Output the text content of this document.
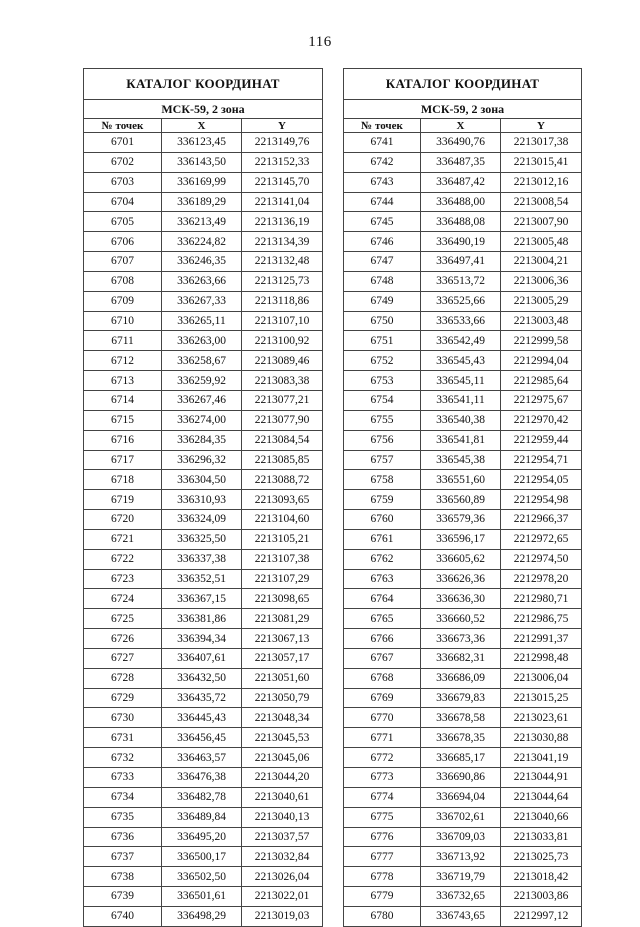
116
КАТАЛОГ КООРДИНАТ		
МСК-59, 2 зона		
№ точек	X	Y
6701	336123,45	2213149,76
6702	336143,50	2213152,33
6703	336169,99	2213145,70
6704	336189,29	2213141,04
6705	336213,49	2213136,19
6706	336224,82	2213134,39
6707	336246,35	2213132,48
6708	336263,66	2213125,73
6709	336267,33	2213118,86
6710	336265,11	2213107,10
6711	336263,00	2213100,92
6712	336258,67	2213089,46
6713	336259,92	2213083,38
6714	336267,46	2213077,21
6715	336274,00	2213077,90
6716	336284,35	2213084,54
6717	336296,32	2213085,85
6718	336304,50	2213088,72
6719	336310,93	2213093,65
6720	336324,09	2213104,60
6721	336325,50	2213105,21
6722	336337,38	2213107,38
6723	336352,51	2213107,29
6724	336367,15	2213098,65
6725	336381,86	2213081,29
6726	336394,34	2213067,13
6727	336407,61	2213057,17
6728	336432,50	2213051,60
6729	336435,72	2213050,79
6730	336445,43	2213048,34
6731	336456,45	2213045,53
6732	336463,57	2213045,06
6733	336476,38	2213044,20
6734	336482,78	2213040,61
6735	336489,84	2213040,13
6736	336495,20	2213037,57
6737	336500,17	2213032,84
6738	336502,50	2213026,04
6739	336501,61	2213022,01
6740	336498,29	2213019,03
КАТАЛОГ КООРДИНАТ		
МСК-59, 2 зона		
№ точек	X	Y
6741	336490,76	2213017,38
6742	336487,35	2213015,41
6743	336487,42	2213012,16
6744	336488,00	2213008,54
6745	336488,08	2213007,90
6746	336490,19	2213005,48
6747	336497,41	2213004,21
6748	336513,72	2213006,36
6749	336525,66	2213005,29
6750	336533,66	2213003,48
6751	336542,49	2212999,58
6752	336545,43	2212994,04
6753	336545,11	2212985,64
6754	336541,11	2212975,67
6755	336540,38	2212970,42
6756	336541,81	2212959,44
6757	336545,38	2212954,71
6758	336551,60	2212954,05
6759	336560,89	2212954,98
6760	336579,36	2212966,37
6761	336596,17	2212972,65
6762	336605,62	2212974,50
6763	336626,36	2212978,20
6764	336636,30	2212980,71
6765	336660,52	2212986,75
6766	336673,36	2212991,37
6767	336682,31	2212998,48
6768	336686,09	2213006,04
6769	336679,83	2213015,25
6770	336678,58	2213023,61
6771	336678,35	2213030,88
6772	336685,17	2213041,19
6773	336690,86	2213044,91
6774	336694,04	2213044,64
6775	336702,61	2213040,66
6776	336709,03	2213033,81
6777	336713,92	2213025,73
6778	336719,79	2213018,42
6779	336732,65	2213003,86
6780	336743,65	2212997,12
